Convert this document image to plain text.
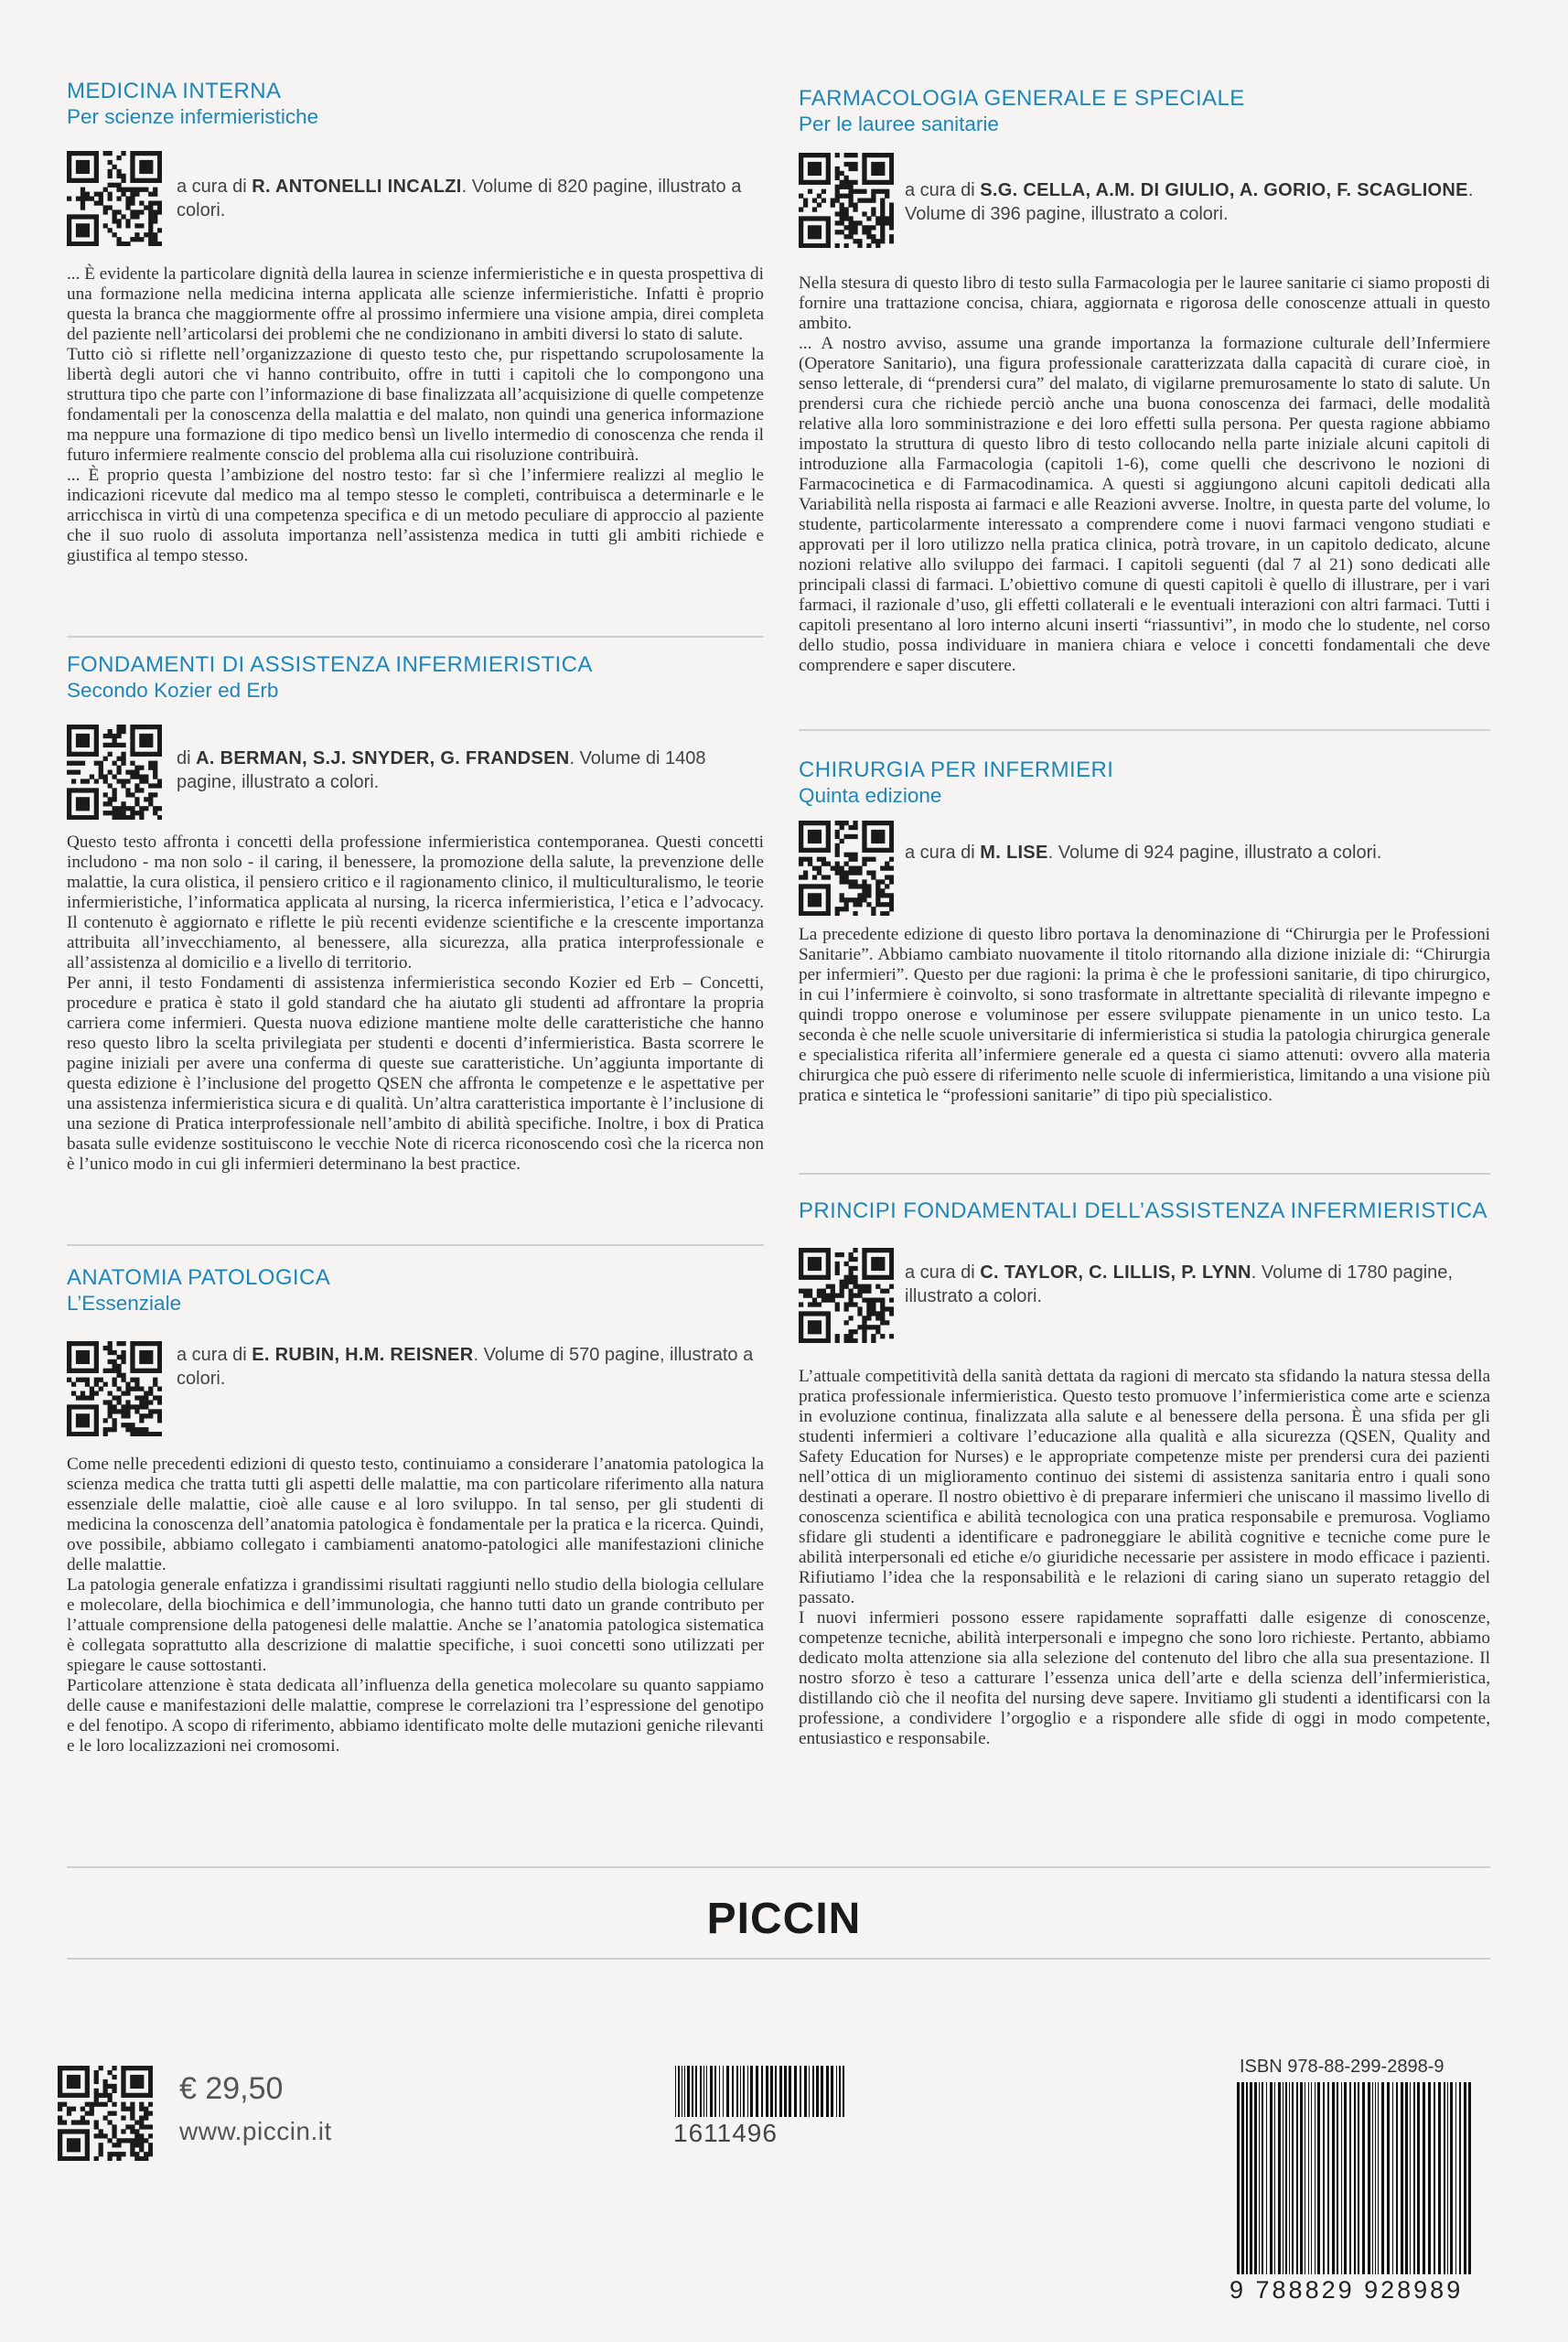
MEDICINA INTERNA
Per scienze infermieristiche
a cura di R. ANTONELLI INCALZI. Volume di 820 pagine, illustrato a colori.

... È evidente la particolare dignità della laurea in scienze infermieristiche e in questa prospettiva di una formazione nella medicina interna applicata alle scienze infermieristiche. Infatti è proprio questa la branca che maggiormente offre al prossimo infermiere una visione ampia, direi completa del paziente nell’articolarsi dei problemi che ne condizionano in ambiti diversi lo stato di salute.

Tutto ciò si riflette nell’organizzazione di questo testo che, pur rispettando scrupolosamente la libertà degli autori che vi hanno contribuito, offre in tutti i capitoli che lo compongono una struttura tipo che parte con l’informazione di base finalizzata all’acquisizione di quelle competenze fondamentali per la conoscenza della malattia e del malato, non quindi una generica informazione ma neppure una formazione di tipo medico bensì un livello intermedio di conoscenza che renda il futuro infermiere realmente conscio del problema alla cui risoluzione contribuirà.

... È proprio questa l’ambizione del nostro testo: far sì che l’infermiere realizzi al meglio le indicazioni ricevute dal medico ma al tempo stesso le completi, contribuisca a determinarle e le arricchisca in virtù di una competenza specifica e di un metodo peculiare di approccio al paziente che il suo ruolo di assoluta importanza nell’assistenza medica in tutti gli ambiti richiede e giustifica al tempo stesso.

FONDAMENTI DI ASSISTENZA INFERMIERISTICA
Secondo Kozier ed Erb
di A. BERMAN, S.J. SNYDER, G. FRANDSEN. Volume di 1408 pagine, illustrato a colori.

Questo testo affronta i concetti della professione infermieristica contemporanea. Questi concetti includono - ma non solo - il caring, il benessere, la promozione della salute, la prevenzione delle malattie, la cura olistica, il pensiero critico e il ragionamento clinico, il multiculturalismo, le teorie infermieristiche, l’informatica applicata al nursing, la ricerca infermieristica, l’etica e l’advocacy. Il contenuto è aggiornato e riflette le più recenti evidenze scientifiche e la crescente importanza attribuita all’invecchiamento, al benessere, alla sicurezza, alla pratica interprofessionale e all’assistenza al domicilio e a livello di territorio.

Per anni, il testo Fondamenti di assistenza infermieristica secondo Kozier ed Erb – Concetti, procedure e pratica è stato il gold standard che ha aiutato gli studenti ad affrontare la propria carriera come infermieri. Questa nuova edizione mantiene molte delle caratteristiche che hanno reso questo libro la scelta privilegiata per studenti e docenti d’infermieristica. Basta scorrere le pagine iniziali per avere una conferma di queste sue caratteristiche. Un’aggiunta importante di questa edizione è l’inclusione del progetto QSEN che affronta le competenze e le aspettative per una assistenza infermieristica sicura e di qualità. Un’altra caratteristica importante è l’inclusione di una sezione di Pratica interprofessionale nell’ambito di abilità specifiche. Inoltre, i box di Pratica basata sulle evidenze sostituiscono le vecchie Note di ricerca riconoscendo così che la ricerca non è l’unico modo in cui gli infermieri determinano la best practice.

ANATOMIA PATOLOGICA
L’Essenziale
a cura di E. RUBIN, H.M. REISNER. Volume di 570 pagine, illustrato a colori.

Come nelle precedenti edizioni di questo testo, continuiamo a considerare l’anatomia patologica la scienza medica che tratta tutti gli aspetti delle malattie, ma con particolare riferimento alla natura essenziale delle malattie, cioè alle cause e al loro sviluppo. In tal senso, per gli studenti di medicina la conoscenza dell’anatomia patologica è fondamentale per la pratica e la ricerca. Quindi, ove possibile, abbiamo collegato i cambiamenti anatomo-patologici alle manifestazioni cliniche delle malattie.

La patologia generale enfatizza i grandissimi risultati raggiunti nello studio della biologia cellulare e molecolare, della biochimica e dell’immunologia, che hanno tutti dato un grande contributo per l’attuale comprensione della patogenesi delle malattie. Anche se l’anatomia patologica sistematica è collegata soprattutto alla descrizione di malattie specifiche, i suoi concetti sono utilizzati per spiegare le cause sottostanti.

Particolare attenzione è stata dedicata all’influenza della genetica molecolare su quanto sappiamo delle cause e manifestazioni delle malattie, comprese le correlazioni tra l’espressione del genotipo e del fenotipo. A scopo di riferimento, abbiamo identificato molte delle mutazioni geniche rilevanti e le loro localizzazioni nei cromosomi.

FARMACOLOGIA GENERALE E SPECIALE
Per le lauree sanitarie
a cura di S.G. CELLA, A.M. DI GIULIO, A. GORIO, F. SCAGLIONE. Volume di 396 pagine, illustrato a colori.

Nella stesura di questo libro di testo sulla Farmacologia per le lauree sanitarie ci siamo proposti di fornire una trattazione concisa, chiara, aggiornata e rigorosa delle conoscenze attuali in questo ambito.

... A nostro avviso, assume una grande importanza la formazione culturale dell’Infermiere (Operatore Sanitario), una figura professionale caratterizzata dalla capacità di curare cioè, in senso letterale, di “prendersi cura” del malato, di vigilarne premurosamente lo stato di salute. Un prendersi cura che richiede perciò anche una buona conoscenza dei farmaci, delle modalità relative alla loro somministrazione e dei loro effetti sulla persona. Per questa ragione abbiamo impostato la struttura di questo libro di testo collocando nella parte iniziale alcuni capitoli di introduzione alla Farmacologia (capitoli 1-6), come quelli che descrivono le nozioni di Farmacocinetica e di Farmacodinamica. A questi si aggiungono alcuni capitoli dedicati alla Variabilità nella risposta ai farmaci e alle Reazioni avverse. Inoltre, in questa parte del volume, lo studente, particolarmente interessato a comprendere come i nuovi farmaci vengono studiati e approvati per il loro utilizzo nella pratica clinica, potrà trovare, in un capitolo dedicato, alcune nozioni relative allo sviluppo dei farmaci. I capitoli seguenti (dal 7 al 21) sono dedicati alle principali classi di farmaci. L’obiettivo comune di questi capitoli è quello di illustrare, per i vari farmaci, il razionale d’uso, gli effetti collaterali e le eventuali interazioni con altri farmaci. Tutti i capitoli presentano al loro interno alcuni inserti “riassuntivi”, in modo che lo studente, nel corso dello studio, possa individuare in maniera chiara e veloce i concetti fondamentali che deve comprendere e saper discutere.

CHIRURGIA PER INFERMIERI
Quinta edizione
a cura di M. LISE. Volume di 924 pagine, illustrato a colori.

La precedente edizione di questo libro portava la denominazione di “Chirurgia per le Professioni Sanitarie”. Abbiamo cambiato nuovamente il titolo ritornando alla dizione iniziale di: “Chirurgia per infermieri”. Questo per due ragioni: la prima è che le professioni sanitarie, di tipo chirurgico, in cui l’infermiere è coinvolto, si sono trasformate in altrettante specialità di rilevante impegno e quindi troppo onerose e voluminose per essere sviluppate pienamente in un unico testo. La seconda è che nelle scuole universitarie di infermieristica si studia la patologia chirurgica generale e specialistica riferita all’infermiere generale ed a questa ci siamo attenuti: ovvero alla materia chirurgica che può essere di riferimento nelle scuole di infermieristica, limitando a una visione più pratica e sintetica le “professioni sanitarie” di tipo più specialistico.

PRINCIPI FONDAMENTALI DELL’ASSISTENZA INFERMIERISTICA
a cura di C. TAYLOR, C. LILLIS, P. LYNN. Volume di 1780 pagine, illustrato a colori.

L’attuale competitività della sanità dettata da ragioni di mercato sta sfidando la natura stessa della pratica professionale infermieristica. Questo testo promuove l’infermieristica come arte e scienza in evoluzione continua, finalizzata alla salute e al benessere della persona. È una sfida per gli studenti infermieri a coltivare l’educazione alla qualità e alla sicurezza (QSEN, Quality and Safety Education for Nurses) e le appropriate competenze miste per prendersi cura dei pazienti nell’ottica di un miglioramento continuo dei sistemi di assistenza sanitaria entro i quali sono destinati a operare. Il nostro obiettivo è di preparare infermieri che uniscano il massimo livello di conoscenza scientifica e abilità tecnologica con una pratica responsabile e premurosa. Vogliamo sfidare gli studenti a identificare e padroneggiare le abilità cognitive e tecniche come pure le abilità interpersonali ed etiche e/o giuridiche necessarie per assistere in modo efficace i pazienti. Rifiutiamo l’idea che la responsabilità e le relazioni di caring siano un superato retaggio del passato.

I nuovi infermieri possono essere rapidamente sopraffatti dalle esigenze di conoscenze, competenze tecniche, abilità interpersonali e impegno che sono loro richieste. Pertanto, abbiamo dedicato molta attenzione sia alla selezione del contenuto del libro che alla sua presentazione. Il nostro sforzo è teso a catturare l’essenza unica dell’arte e della scienza dell’infermieristica, distillando ciò che il neofita del nursing deve sapere. Invitiamo gli studenti a identificarsi con la professione, a condividere l’orgoglio e a rispondere alle sfide di oggi in modo competente, entusiastico e responsabile.

PICCIN
€ 29,50
www.piccin.it	1611496
ISBN 978-88-299-2898-9
9 788829 928989
